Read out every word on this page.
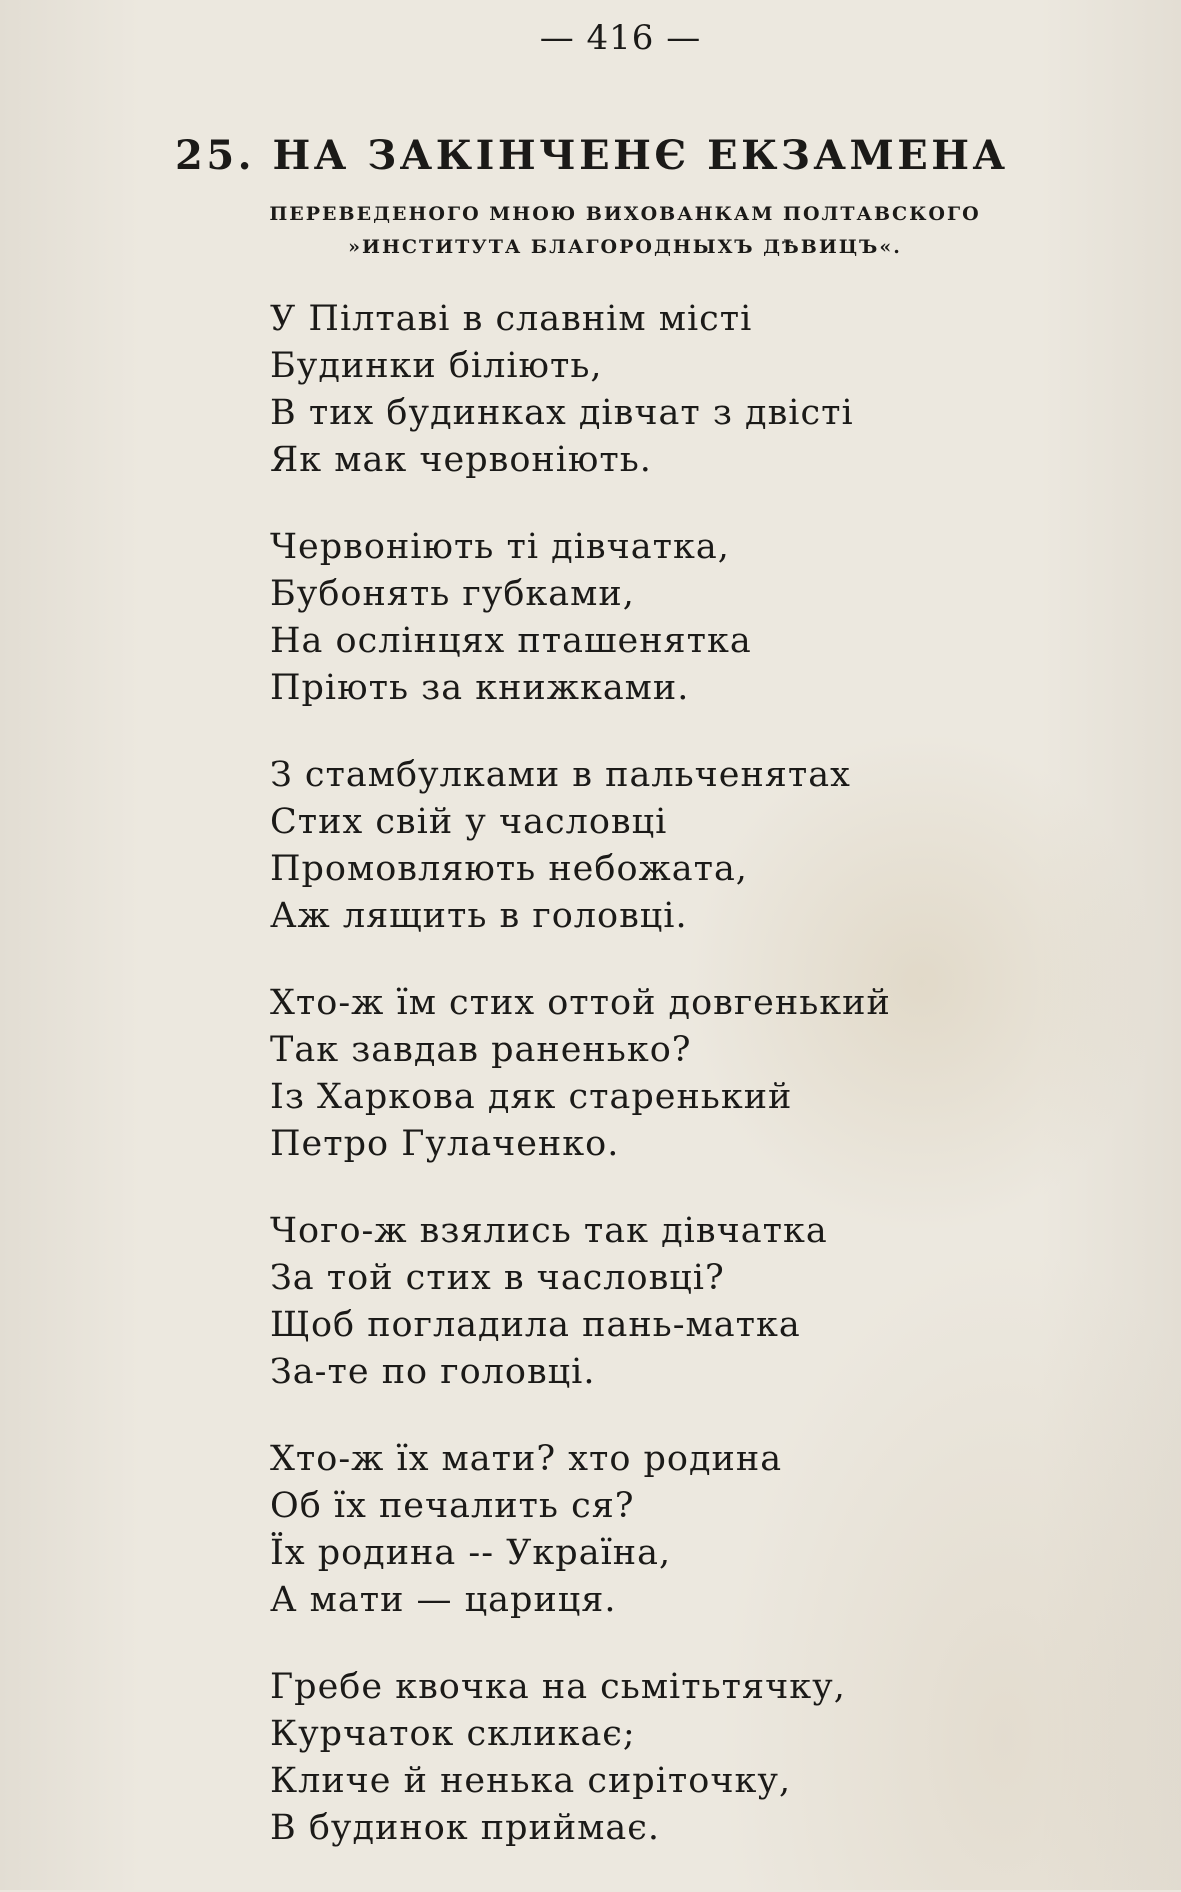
— 416 —
25. НА ЗАКІНЧЕНЄ ЕКЗАМЕНА
ПЕРЕВЕДЕНОГО МНОЮ ВИХОВАНКАМ ПОЛТАВСКОГО
»ИНСТИТУТА БЛАГОРОДНЫХЪ ДѢВИЦЪ«.
У Пілтаві в славнім місті
Будинки біліють,
В тих будинках дівчат з двісті
Як мак червоніють.
Червоніють ті дівчатка,
Бубонять губками,
На ослінцях пташенятка
Пріють за книжками.
З стамбулками в пальченятах
Стих свій у часловці
Промовляють небожата,
Аж лящить в головці.
Хто-ж їм стих оттой довгенький
Так завдав раненько?
Із Харкова дяк старенький
Петро Гулаченко.
Чого-ж взялись так дівчатка
За той стих в часловці?
Щоб погладила пань-матка
За-те по головці.
Хто-ж їх мати? хто родина
Об їх печалить ся?
Їх родина -- Україна,
А мати — цариця.
Гребе квочка на сьмітьтячку,
Курчаток скликає;
Кличе й ненька сиріточку,
В будинок приймає.
